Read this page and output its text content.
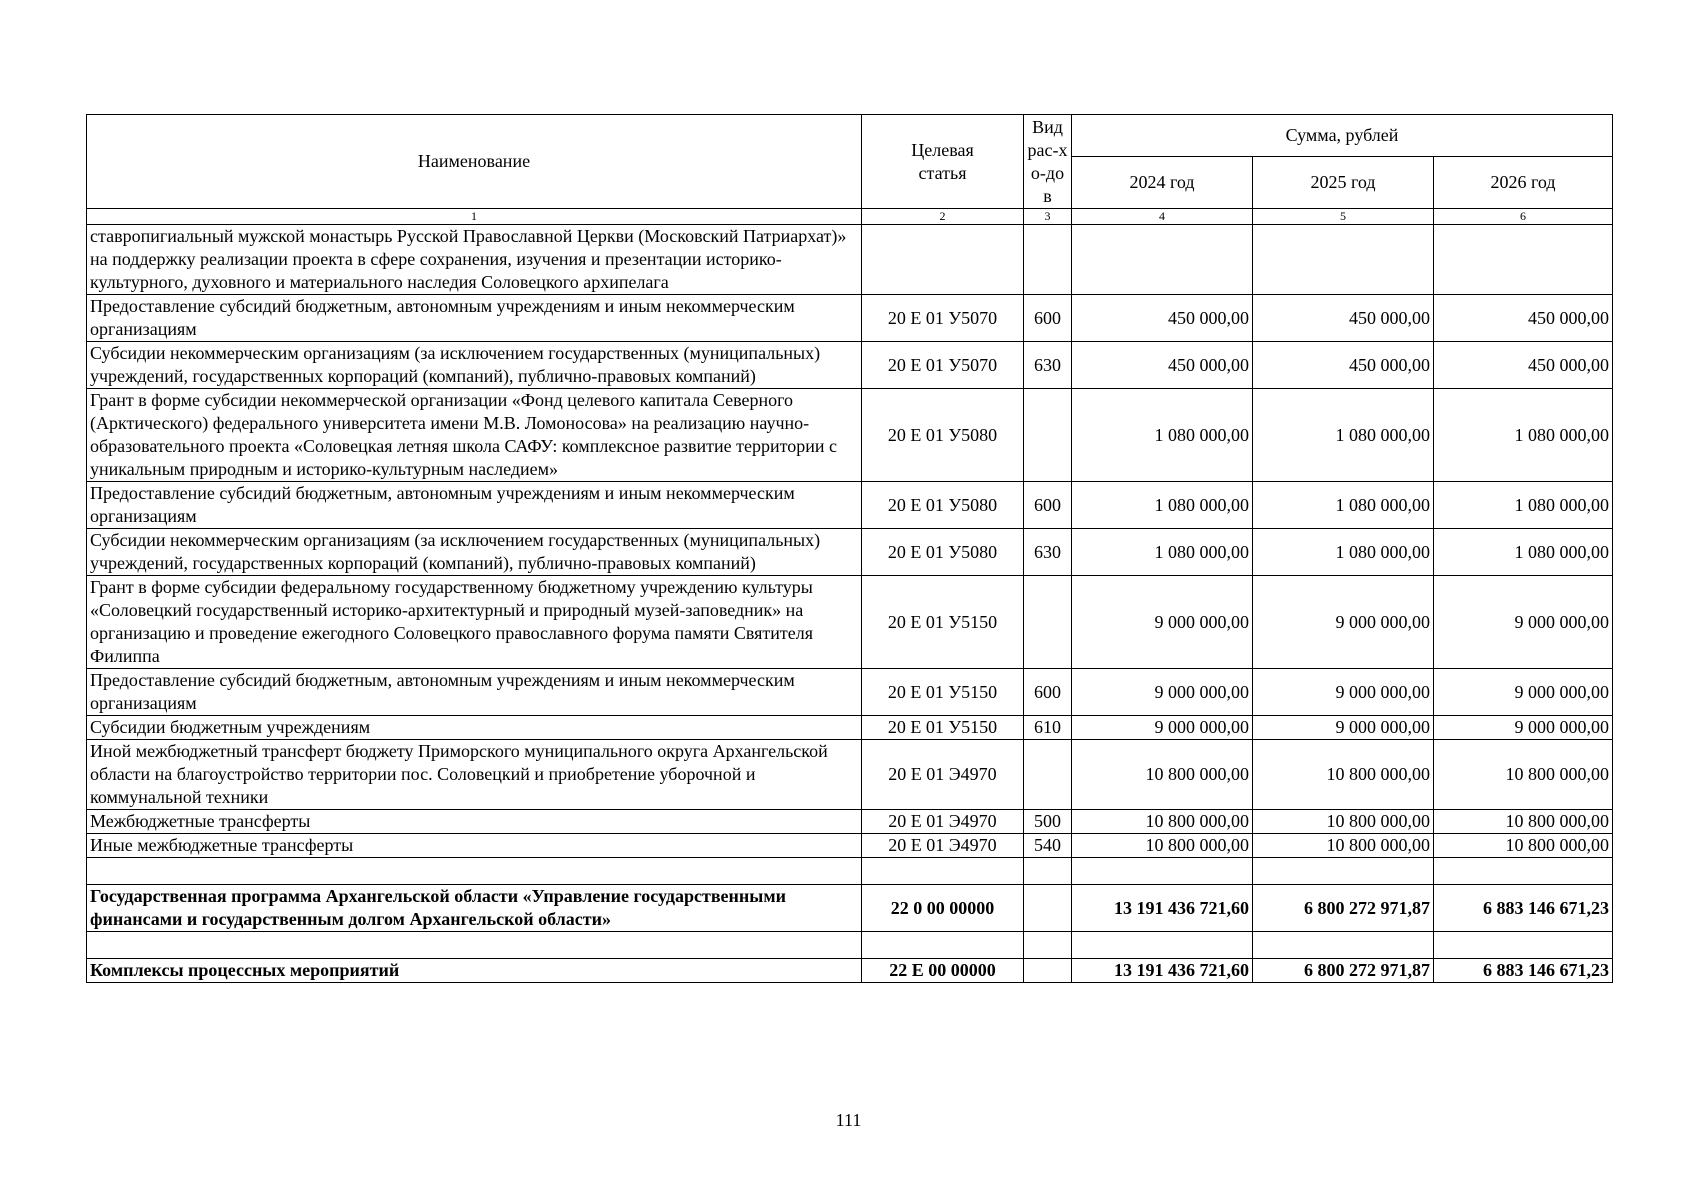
Наименование	Целевая статья	Вид рас-хо-дов	Сумма, рублей		
			2024 год	2025 год	2026 год
1	2	3	4	5	6
ставропигиальный мужской монастырь Русской Православной Церкви (Московский Патриархат)» на поддержку реализации проекта в сфере сохранения, изучения и презентации историко-культурного, духовного и материального наследия Соловецкого архипелага					
Предоставление субсидий бюджетным, автономным учреждениям и иным некоммерческим организациям	20 Е 01 У5070	600	450 000,00	450 000,00	450 000,00
Субсидии некоммерческим организациям (за исключением государственных (муниципальных) учреждений, государственных корпораций (компаний), публично-правовых компаний)	20 Е 01 У5070	630	450 000,00	450 000,00	450 000,00
Грант в форме субсидии некоммерческой организации «Фонд целевого капитала Северного (Арктического) федерального университета имени М.В. Ломоносова» на реализацию научно-образовательного проекта «Соловецкая летняя школа САФУ: комплексное развитие территории с уникальным природным и историко-культурным наследием»	20 Е 01 У5080		1 080 000,00	1 080 000,00	1 080 000,00
Предоставление субсидий бюджетным, автономным учреждениям и иным некоммерческим организациям	20 Е 01 У5080	600	1 080 000,00	1 080 000,00	1 080 000,00
Субсидии некоммерческим организациям (за исключением государственных (муниципальных) учреждений, государственных корпораций (компаний), публично-правовых компаний)	20 Е 01 У5080	630	1 080 000,00	1 080 000,00	1 080 000,00
Грант в форме субсидии федеральному государственному бюджетному учреждению культуры «Соловецкий государственный историко-архитектурный и природный музей-заповедник» на организацию и проведение ежегодного Соловецкого православного форума памяти Святителя Филиппа	20 Е 01 У5150		9 000 000,00	9 000 000,00	9 000 000,00
Предоставление субсидий бюджетным, автономным учреждениям и иным некоммерческим организациям	20 Е 01 У5150	600	9 000 000,00	9 000 000,00	9 000 000,00
Субсидии бюджетным учреждениям	20 Е 01 У5150	610	9 000 000,00	9 000 000,00	9 000 000,00
Иной межбюджетный трансферт бюджету Приморского муниципального округа Архангельской области на благоустройство территории пос. Соловецкий и приобретение уборочной и коммунальной техники	20 Е 01 Э4970		10 800 000,00	10 800 000,00	10 800 000,00
Межбюджетные трансферты	20 Е 01 Э4970	500	10 800 000,00	10 800 000,00	10 800 000,00
Иные межбюджетные трансферты	20 Е 01 Э4970	540	10 800 000,00	10 800 000,00	10 800 000,00

Государственная программа Архангельской области «Управление государственными финансами и государственным долгом Архангельской области»	22 0 00 00000		13 191 436 721,60	6 800 272 971,87	6 883 146 671,23

Комплексы процессных мероприятий	22 Е 00 00000		13 191 436 721,60	6 800 272 971,87	6 883 146 671,23
111
